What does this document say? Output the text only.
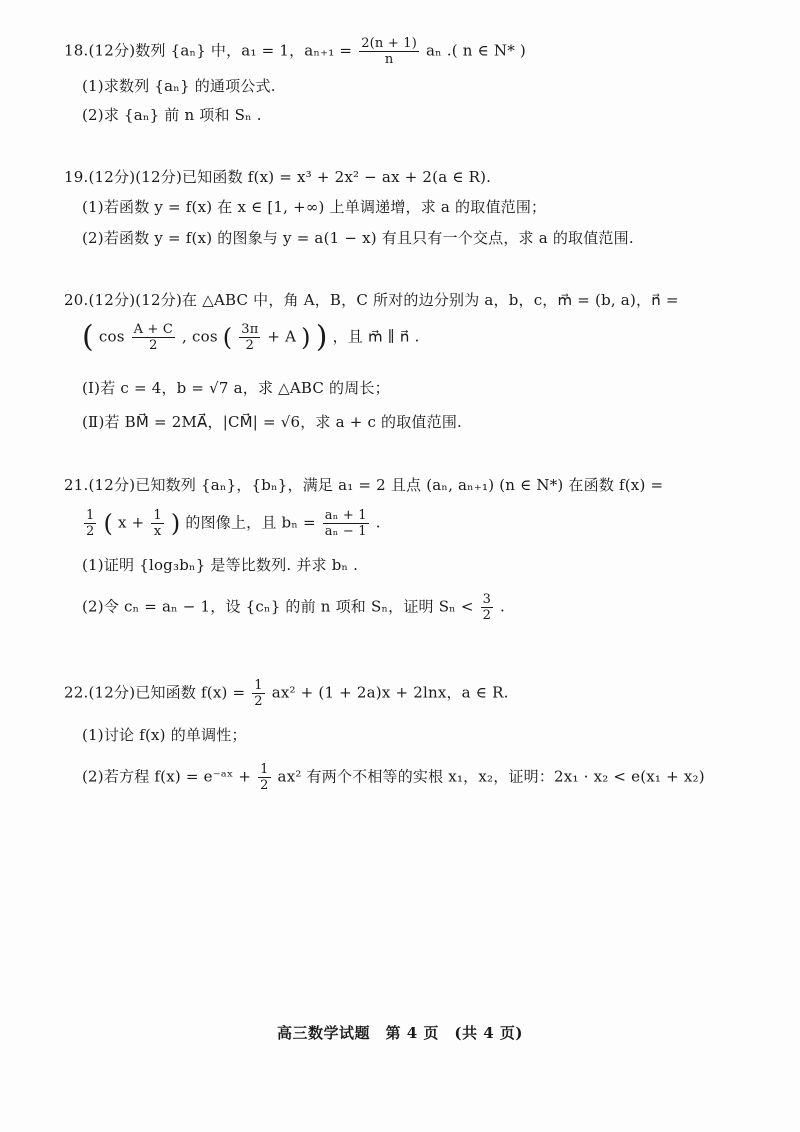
18.(12分)数列 {aₙ} 中，a₁ = 1，$a_{n+1} = \frac{2(n + 1)}{n}$ aₙ .( n ∈ N* )
(1)求数列 {aₙ} 的通项公式.
(2)求 {aₙ} 前 n 项和 Sₙ .
19.(12分)(12分)已知函数 f(x) = x³ + 2x² − ax + 2(a ∈ R).
(1)若函数 y = f(x) 在 x ∈ [1, +∞) 上单调递增，求 a 的取值范围；
(2)若函数 y = f(x) 的图象与 y = a(1 − x) 有且只有一个交点，求 a 的取值范围.
20.(12分)(12分)在 △ABC 中，角 A，B，C 所对的边分别为 a，b，c，m⃗ = (b, a)，n⃗ =
( $\cos \frac{A + C}{2}$ , cos ( $\frac{3\pi}{2} + A$ ) ) ，且 m⃗ ∥ n⃗ .
(Ⅰ)若 c = 4，b = √7 a，求 △ABC 的周长；
(Ⅱ)若 BM⃗ = 2MA⃗，|CM⃗| = √6，求 a + c 的取值范围.
21.(12分)已知数列 {aₙ}，{bₙ}，满足 a₁ = 2 且点 (aₙ, aₙ₊₁) (n ∈ N*) 在函数 f(x) =
$\frac{1}{2}$ ( $x + \frac{1}{x}$ ) 的图像上，且 $b_n = \frac{\text{aₙ + 1}}{\text{aₙ − 1}}$ .
(1)证明 {log₃bₙ} 是等比数列. 并求 bₙ .
(2)令 cₙ = aₙ − 1，设 {cₙ} 的前 n 项和 Sₙ，证明 $S_n < \frac{3}{2}$ .
22.(12分)已知函数 $f(x) = \frac{1}{2} ax^2 + (1 + 2a)x + 2\ln x$，a ∈ R.
(1)讨论 f(x) 的单调性；
(2)若方程 f(x) = e⁻ᵃˣ + $\frac{1}{2} ax^2$ 有两个不相等的实根 x₁，x₂，证明：2x₁ · x₂ < e(x₁ + x₂)
高三数学试题　第 4 页　(共 4 页)
